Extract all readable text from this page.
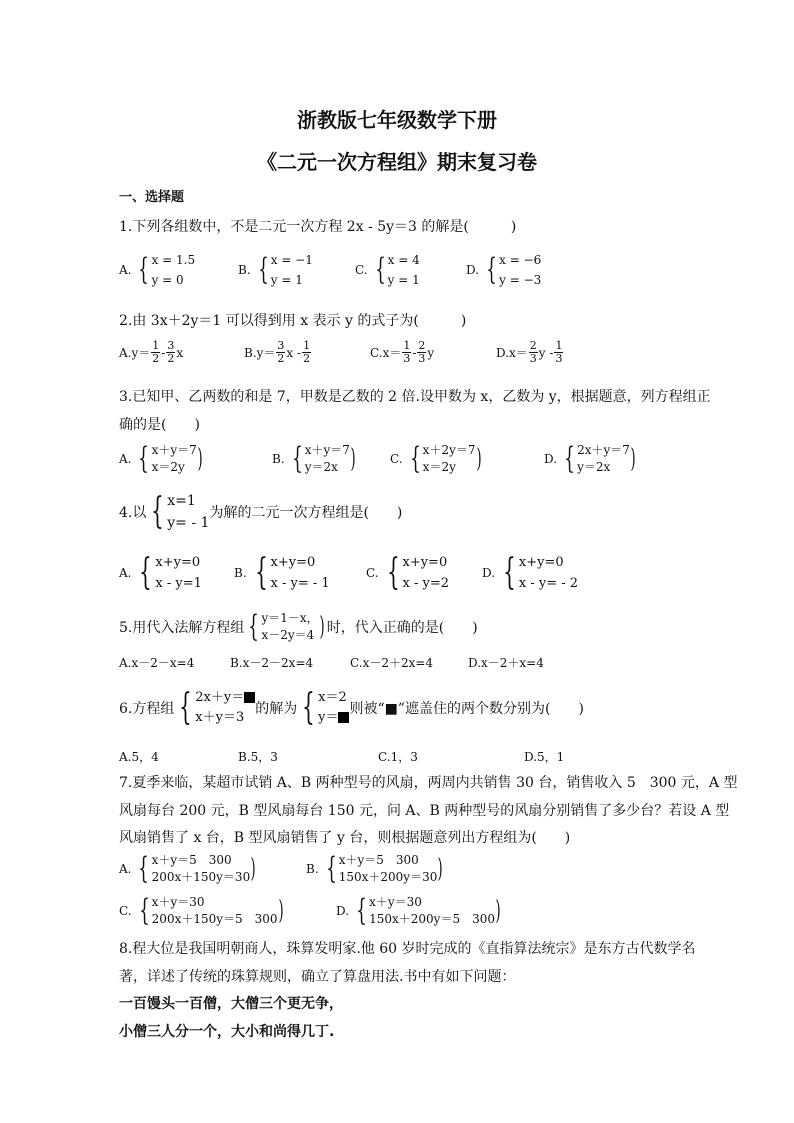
浙教版七年级数学下册
《二元一次方程组》期末复习卷
一、选择题
1.下列各组数中，不是二元一次方程 2x - 5y＝3 的解是(　　　)
A. { x = 1.5
y = 0
B. { x = −1
y = 1
C. { x = 4
y = 1
D. { x = −6
y = −3
2.由 3x＋2y＝1 可以得到用 x 表示 y 的式子为(　　　)
A. $y= \frac{1}{2} - \frac{3}{2}$ x	B. $y= \frac{3}{2}$ x - $\frac{1}{2}$	C. $x= \frac{1}{3} - \frac{2}{3}$ y	D. $x= \frac{2}{3}$ y - $\frac{1}{3}$
3.已知甲、乙两数的和是 7，甲数是乙数的 2 倍.设甲数为 x，乙数为 y，根据题意，列方程组正
确的是(　　)
A. { x＋y＝7
x＝2y )	B. { x＋y＝7
y＝2x )	C. { x＋2y＝7
x＝2y )	D. { 2x＋y＝7
y＝2x )
4.以 { x=1
y= - 1
为解的二元一次方程组是(　　)
A. { x+y=0
x - y=1
B. { x+y=0
x - y= - 1
C. { x+y=0
x - y=2
D. { x+y=0
x - y= - 2
5.用代入法解方程组 { y＝1－x，
x－2y＝4 ) 时，代入正确的是(　　)
A.x－2－x=4	B.x－2－2x=4	C.x－2＋2x=4	D.x－2＋x=4
6.方程组 { 2x＋y＝
x＋y＝3
的解为 { x＝2
y＝
则被“■”遮盖住的两个数分别为(　　)
A.5，4	B.5，3	C.1，3	D.5，1
7.夏季来临，某超市试销 A、B 两种型号的风扇，两周内共销售 30 台，销售收入 5　300 元，A 型
风扇每台 200 元，B 型风扇每台 150 元，问 A、B 两种型号的风扇分别销售了多少台？若设 A 型
风扇销售了 x 台，B 型风扇销售了 y 台，则根据题意列出方程组为(　　)
A. { x＋y＝5　300
200x＋150y＝30 )	B. { x＋y＝5　300
150x＋200y＝30 )
C. { x＋y＝30
200x＋150y＝5　300 )	D. { x＋y＝30
150x＋200y＝5　300 )
8.程大位是我国明朝商人，珠算发明家.他 60 岁时完成的《直指算法统宗》是东方古代数学名
著，详述了传统的珠算规则，确立了算盘用法.书中有如下问题：
一百馒头一百僧，大僧三个更无争，
小僧三人分一个，大小和尚得几丁.
